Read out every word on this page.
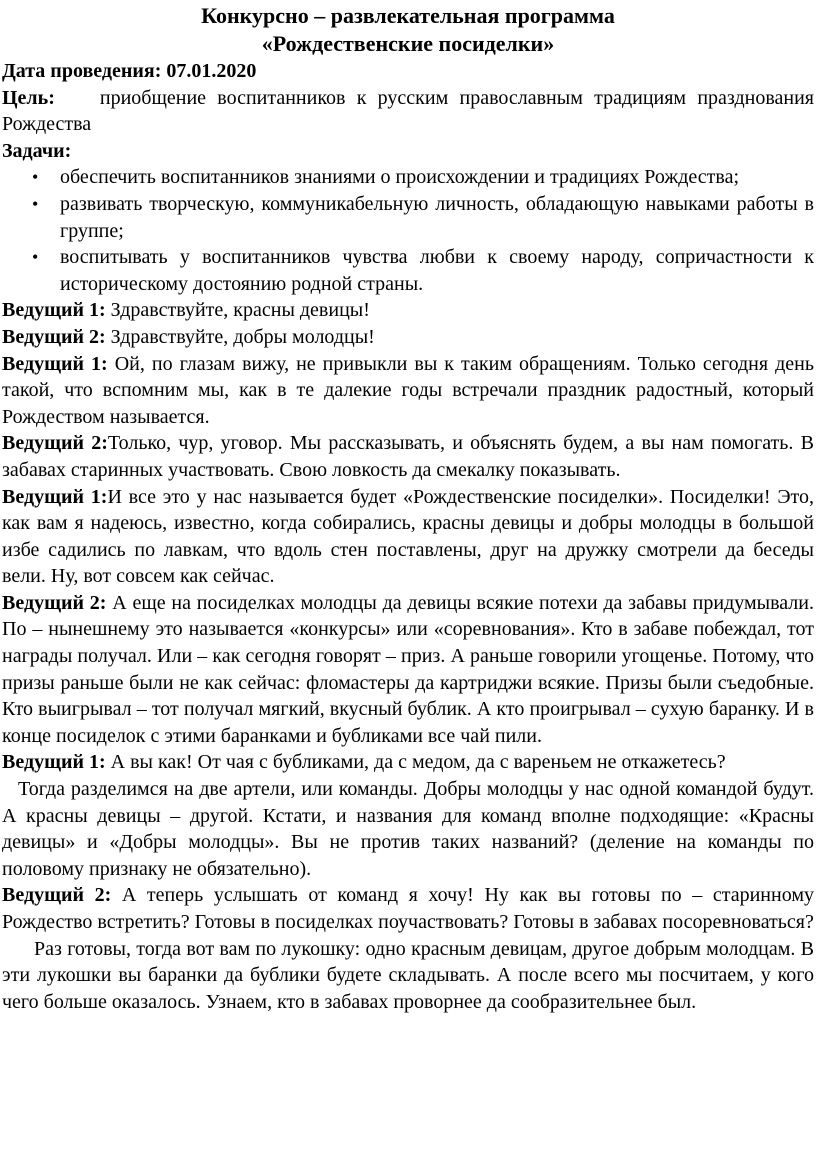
Конкурсно – развлекательная программа
«Рождественские посиделки»

Дата проведения: 07.01.2020

Цель: приобщение воспитанников к русским православным традициям празднования Рождества

Задачи:

• обеспечить воспитанников знаниями о происхождении и традициях Рождества;
• развивать творческую, коммуникабельную личность, обладающую навыками работы в группе;
• воспитывать у воспитанников чувства любви к своему народу, сопричастности к историческому достоянию родной страны.

Ведущий 1: Здравствуйте, красны девицы!

Ведущий 2: Здравствуйте, добры молодцы!

Ведущий 1: Ой, по глазам вижу, не привыкли вы к таким обращениям. Только сегодня день такой, что вспомним мы, как в те далекие годы встречали праздник радостный, который Рождеством называется.

Ведущий 2:Только, чур, уговор. Мы рассказывать, и объяснять будем, а вы нам помогать. В забавах старинных участвовать. Свою ловкость да смекалку показывать.

Ведущий 1:И все это у нас называется будет «Рождественские посиделки». Посиделки! Это, как вам я надеюсь, известно, когда собирались, красны девицы и добры молодцы в большой избе садились по лавкам, что вдоль стен поставлены, друг на дружку смотрели да беседы вели. Ну, вот совсем как сейчас.

Ведущий 2: А еще на посиделках молодцы да девицы всякие потехи да забавы придумывали. По – нынешнему это называется «конкурсы» или «соревнования». Кто в забаве побеждал, тот награды получал. Или – как сегодня говорят – приз. А раньше говорили угощенье. Потому, что призы раньше были не как сейчас: фломастеры да картриджи всякие. Призы были съедобные. Кто выигрывал – тот получал мягкий, вкусный бублик. А кто проигрывал – сухую баранку. И в конце посиделок с этими баранками и бубликами все чай пили.

Ведущий 1: А вы как! От чая с бубликами, да с медом, да с вареньем не откажетесь?

Тогда разделимся на две артели, или команды. Добры молодцы у нас одной командой будут. А красны девицы – другой. Кстати, и названия для команд вполне подходящие: «Красны девицы» и «Добры молодцы». Вы не против таких названий? (деление на команды по половому признаку не обязательно).

Ведущий 2: А теперь услышать от команд я хочу! Ну как вы готовы по – старинному Рождество встретить? Готовы в посиделках поучаствовать? Готовы в забавах посоревноваться?

Раз готовы, тогда вот вам по лукошку: одно красным девицам, другое добрым молодцам. В эти лукошки вы баранки да бублики будете складывать. А после всего мы посчитаем, у кого чего больше оказалось. Узнаем, кто в забавах проворнее да сообразительнее был.
